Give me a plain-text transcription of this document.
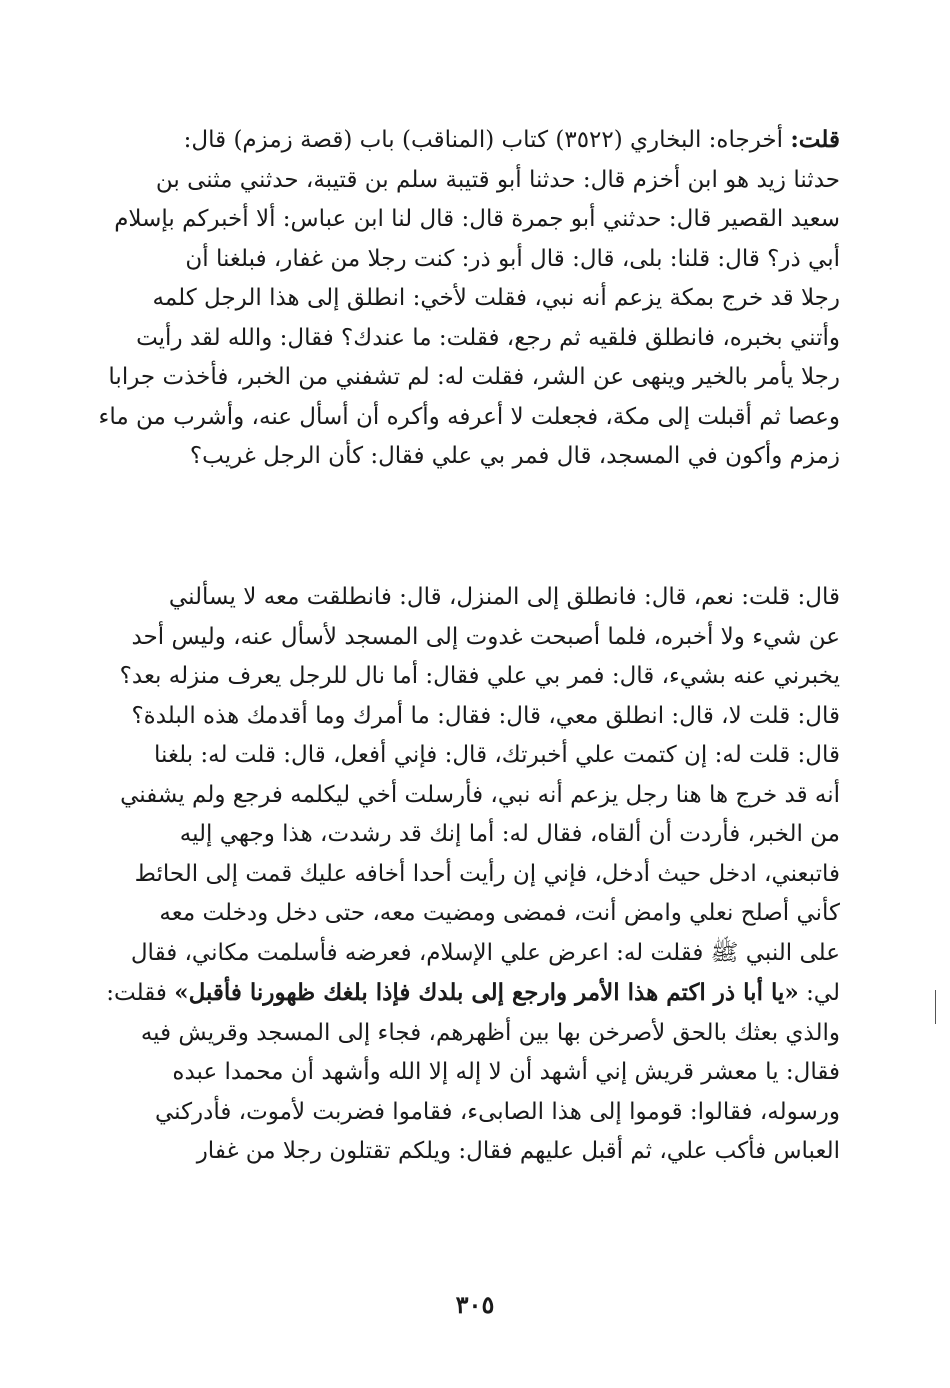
قلت: أخرجاه: البخاري (٣٥٢٢) كتاب (المناقب) باب (قصة زمزم) قال:
حدثنا زيد هو ابن أخزم قال: حدثنا أبو قتيبة سلم بن قتيبة، حدثني مثنى بن
سعيد القصير قال: حدثني أبو جمرة قال: قال لنا ابن عباس: ألا أخبركم بإسلام
أبي ذر؟ قال: قلنا: بلى، قال: قال أبو ذر: كنت رجلا من غفار، فبلغنا أن
رجلا قد خرج بمكة يزعم أنه نبي، فقلت لأخي: انطلق إلى هذا الرجل كلمه
وأتني بخبره، فانطلق فلقيه ثم رجع، فقلت: ما عندك؟ فقال: والله لقد رأيت
رجلا يأمر بالخير وينهى عن الشر، فقلت له: لم تشفني من الخبر، فأخذت جرابا
وعصا ثم أقبلت إلى مكة، فجعلت لا أعرفه وأكره أن أسأل عنه، وأشرب من ماء
زمزم وأكون في المسجد، قال فمر بي علي فقال: كأن الرجل غريب؟
قال: قلت: نعم، قال: فانطلق إلى المنزل، قال: فانطلقت معه لا يسألني
عن شيء ولا أخبره، فلما أصبحت غدوت إلى المسجد لأسأل عنه، وليس أحد
يخبرني عنه بشيء، قال: فمر بي علي فقال: أما نال للرجل يعرف منزله بعد؟
قال: قلت لا، قال: انطلق معي، قال: فقال: ما أمرك وما أقدمك هذه البلدة؟
قال: قلت له: إن كتمت علي أخبرتك، قال: فإني أفعل، قال: قلت له: بلغنا
أنه قد خرج ها هنا رجل يزعم أنه نبي، فأرسلت أخي ليكلمه فرجع ولم يشفني
من الخبر، فأردت أن ألقاه، فقال له: أما إنك قد رشدت، هذا وجهي إليه
فاتبعني، ادخل حيث أدخل، فإني إن رأيت أحدا أخافه عليك قمت إلى الحائط
كأني أصلح نعلي وامض أنت، فمضى ومضيت معه، حتى دخل ودخلت معه
على النبي ﷺ فقلت له: اعرض علي الإسلام، فعرضه فأسلمت مكاني، فقال
لي: «يا أبا ذر اكتم هذا الأمر وارجع إلى بلدك فإذا بلغك ظهورنا فأقبل» فقلت:
والذي بعثك بالحق لأصرخن بها بين أظهرهم، فجاء إلى المسجد وقريش فيه
فقال: يا معشر قريش إني أشهد أن لا إله إلا الله وأشهد أن محمدا عبده
ورسوله، فقالوا: قوموا إلى هذا الصابىء، فقاموا فضربت لأموت، فأدركني
العباس فأكب علي، ثم أقبل عليهم فقال: ويلكم تقتلون رجلا من غفار
٣٠٥
